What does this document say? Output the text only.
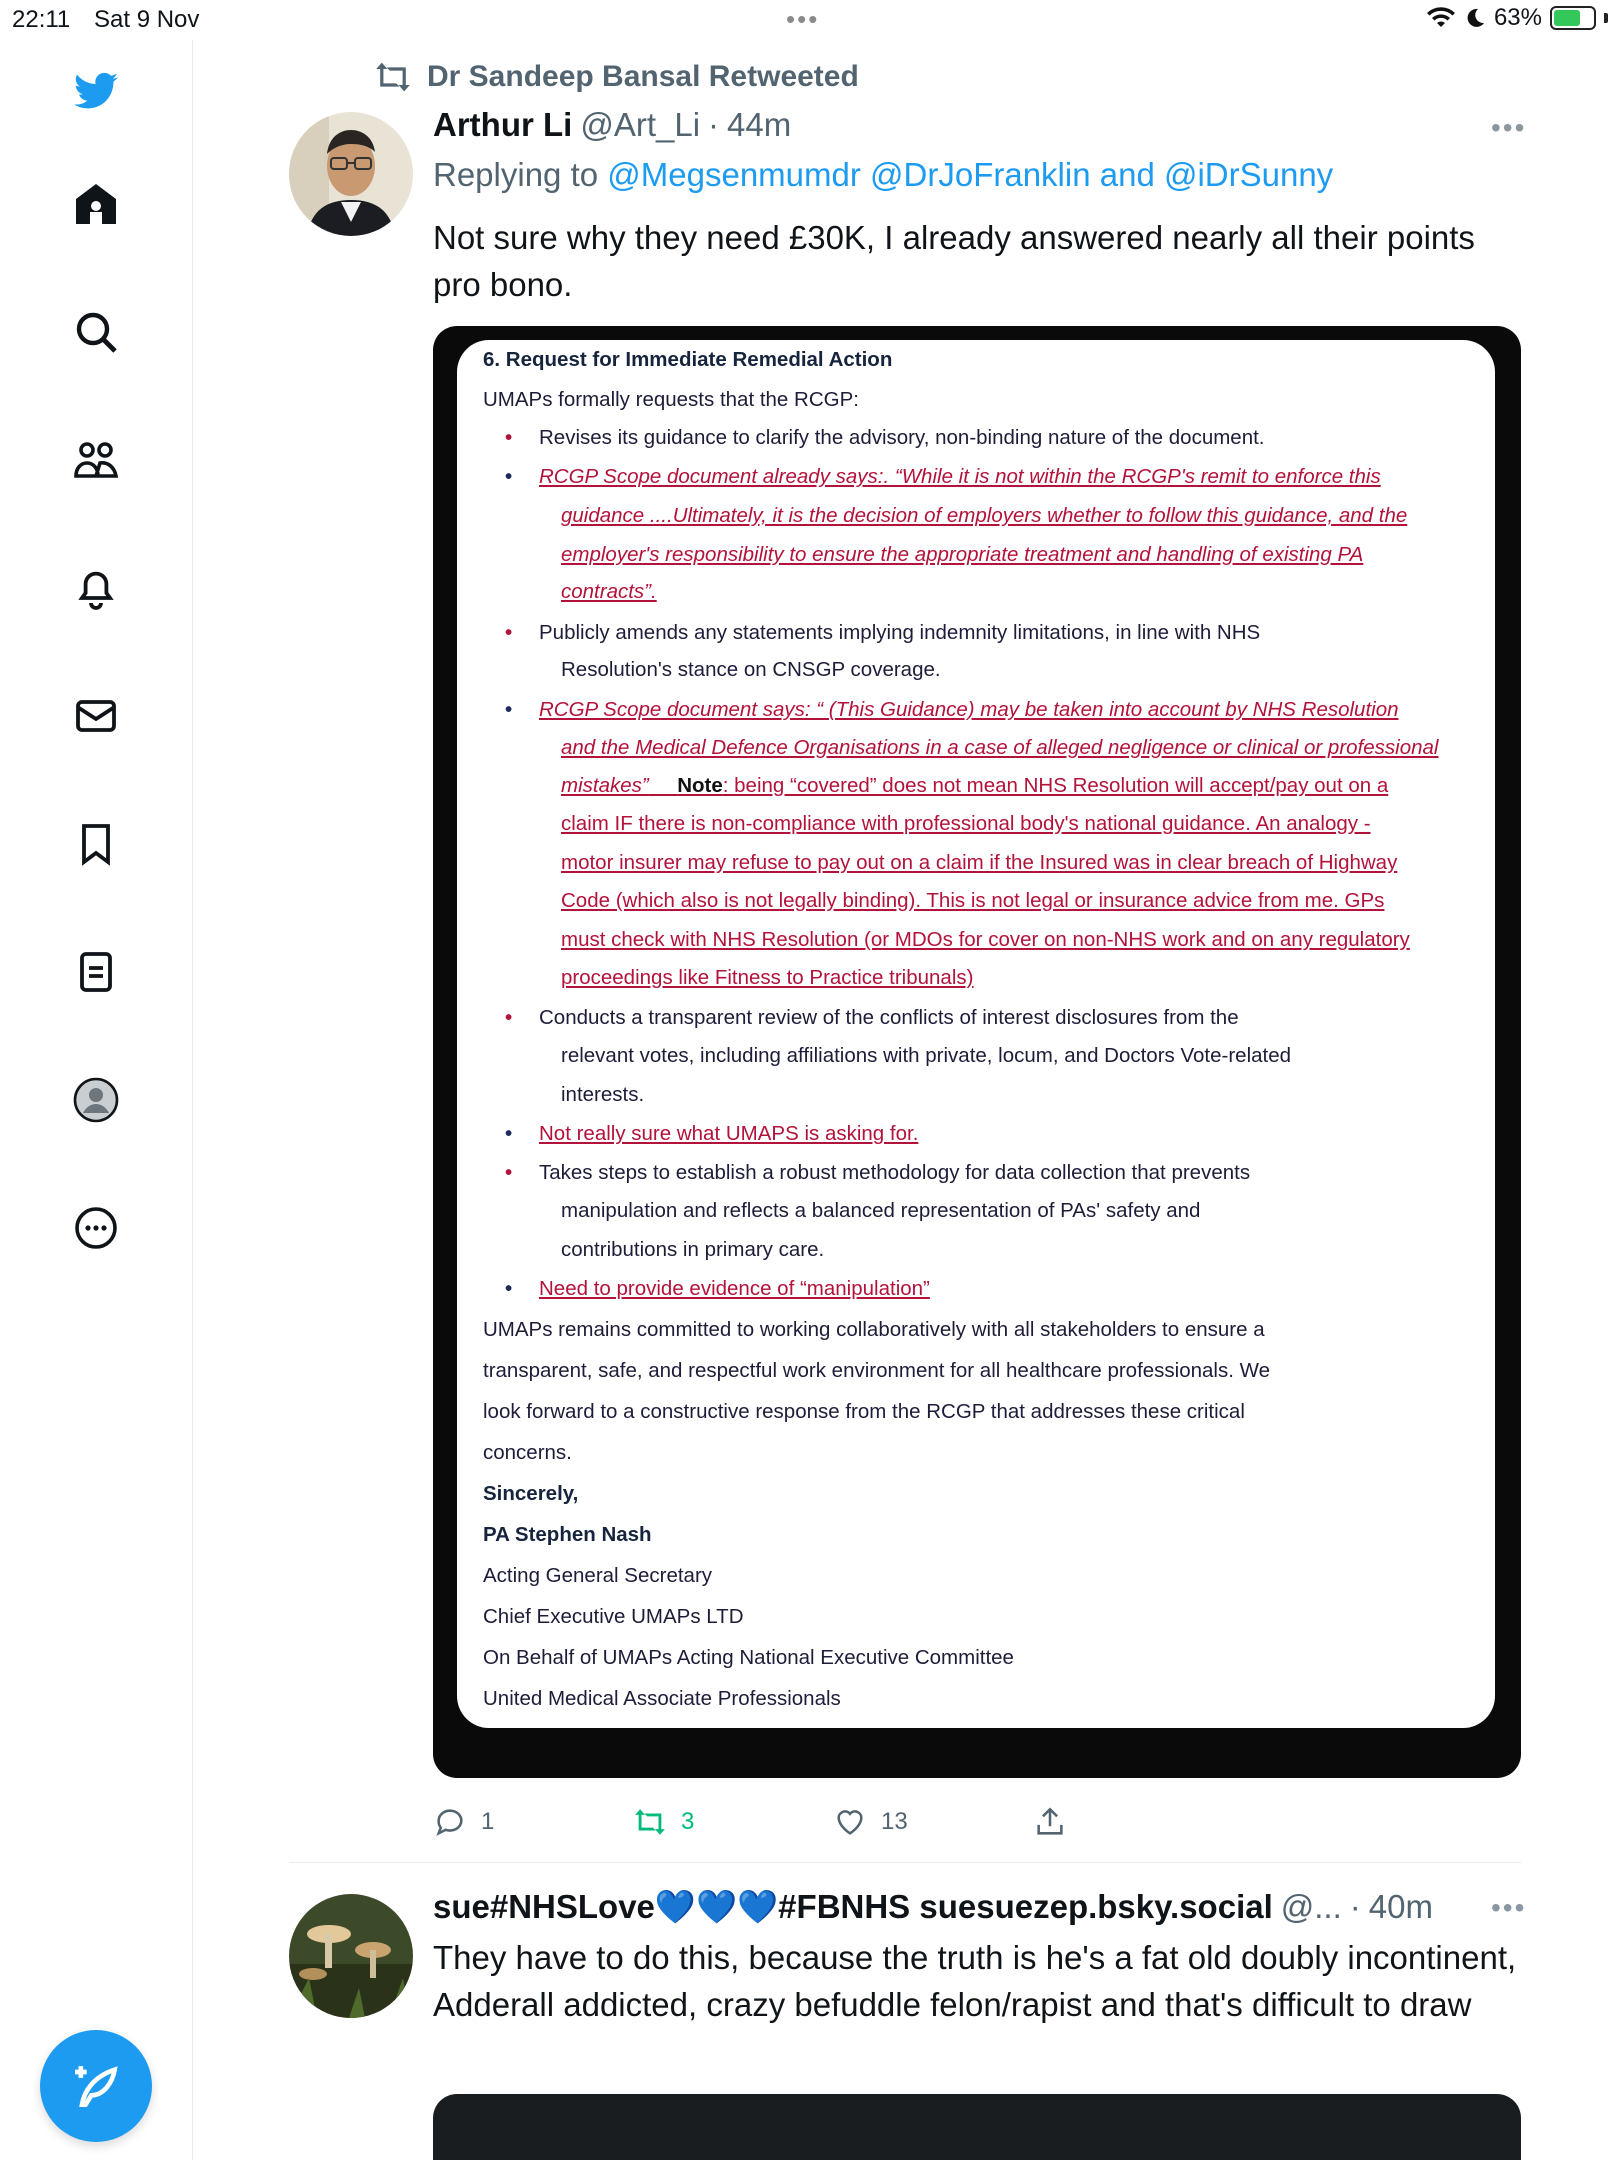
22:11 Sat 9 Nov	•••	63%
Dr Sandeep Bansal Retweeted
Arthur Li @Art_Li · 44m	•••
Replying to @Megsenmumdr @DrJoFranklin and @iDrSunny
Not sure why they need £30K, I already answered nearly all their points pro bono.
6. Request for Immediate Remedial Action
UMAPs formally requests that the RCGP:
• Revises its guidance to clarify the advisory, non-binding nature of the document.
• RCGP Scope document already says:. “While it is not within the RCGP's remit to enforce this
guidance ....Ultimately, it is the decision of employers whether to follow this guidance, and the
employer's responsibility to ensure the appropriate treatment and handling of existing PA
contracts”.
• Publicly amends any statements implying indemnity limitations, in line with NHS
Resolution's stance on CNSGP coverage.
• RCGP Scope document says: “ (This Guidance) may be taken into account by NHS Resolution
and the Medical Defence Organisations in a case of alleged negligence or clinical or professional
mistakes” Note: being “covered” does not mean NHS Resolution will accept/pay out on a
claim IF there is non-compliance with professional body's national guidance. An analogy -
motor insurer may refuse to pay out on a claim if the Insured was in clear breach of Highway
Code (which also is not legally binding). This is not legal or insurance advice from me. GPs
must check with NHS Resolution (or MDOs for cover on non-NHS work and on any regulatory
proceedings like Fitness to Practice tribunals)
• Conducts a transparent review of the conflicts of interest disclosures from the
relevant votes, including affiliations with private, locum, and Doctors Vote-related
interests.
• Not really sure what UMAPS is asking for.
• Takes steps to establish a robust methodology for data collection that prevents
manipulation and reflects a balanced representation of PAs' safety and
contributions in primary care.
• Need to provide evidence of “manipulation”
UMAPs remains committed to working collaboratively with all stakeholders to ensure a
transparent, safe, and respectful work environment for all healthcare professionals. We
look forward to a constructive response from the RCGP that addresses these critical
concerns.
Sincerely,
PA Stephen Nash
Acting General Secretary
Chief Executive UMAPs LTD
On Behalf of UMAPs Acting National Executive Committee
United Medical Associate Professionals
1	3	13
sue#NHSLove💙💙💙#FBNHS suesuezep.bsky.social @... · 40m •••
They have to do this, because the truth is he's a fat old doubly incontinent, Adderall addicted, crazy befuddle felon/rapist and that's difficult to draw
